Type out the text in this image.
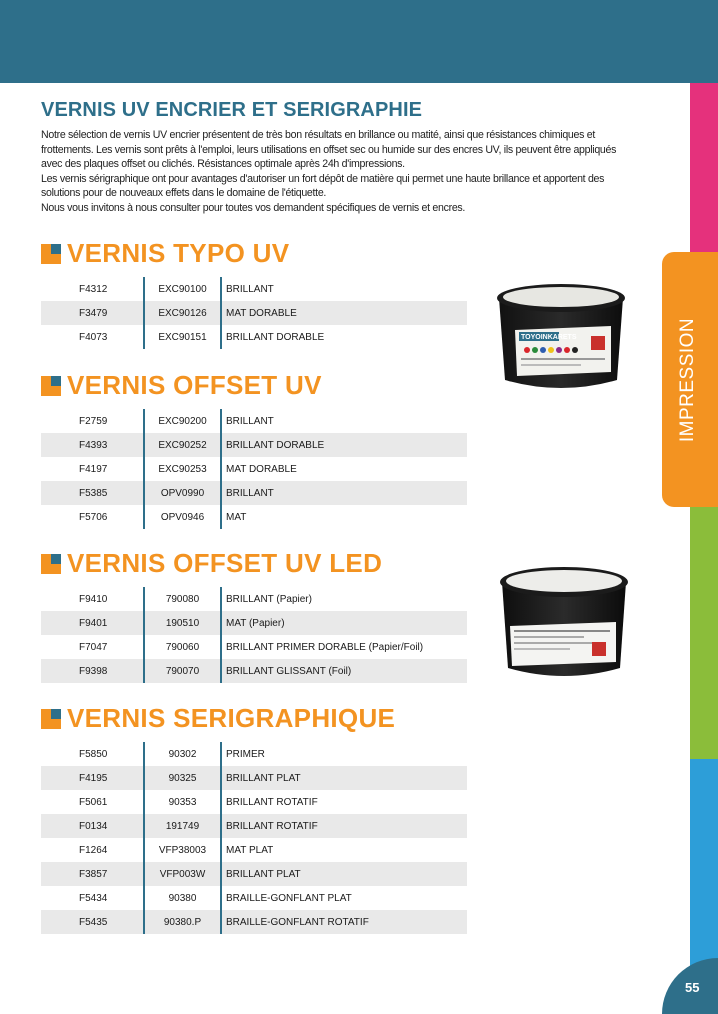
IMPRESSION
55
VERNIS UV ENCRIER ET SERIGRAPHIE

Notre sélection de vernis UV encrier présentent de très bon résultats en brillance ou matité, ainsi que résistances chimiques et

frottements. Les vernis sont prêts à l'emploi, leurs utilisations en offset sec ou humide sur des encres UV, ils peuvent être appliqués

avec des plaques offset ou clichés. Résistances optimale après 24h d'impressions.

Les vernis sérigraphique ont pour avantages d'autoriser un fort dépôt de matière qui permet une haute brillance et apportent des

solutions pour de nouveaux effets dans le domaine de l'étiquette.

Nous vous invitons à nous consulter pour toutes vos demandent spécifiques de vernis et encres.

VERNIS TYPO UV
F4312	EXC90100	BRILLANT
F3479	EXC90126	MAT DORABLE
F4073	EXC90151	BRILLANT DORABLE
VERNIS OFFSET UV
F2759	EXC90200	BRILLANT
F4393	EXC90252	BRILLANT DORABLE
F4197	EXC90253	MAT DORABLE
F5385	OPV0990	BRILLANT
F5706	OPV0946	MAT
VERNIS OFFSET UV LED
F9410	790080	BRILLANT (Papier)
F9401	190510	MAT (Papier)
F7047	790060	BRILLANT PRIMER DORABLE (Papier/Foil)
F9398	790070	BRILLANT GLISSANT (Foil)
VERNIS SERIGRAPHIQUE
F5850	90302	PRIMER
F4195	90325	BRILLANT PLAT
F5061	90353	BRILLANT ROTATIF
F0134	191749	BRILLANT ROTATIF
F1264	VFP38003	MAT PLAT
F3857	VFP003W	BRILLANT PLAT
F5434	90380	BRAILLE-GONFLANT PLAT
F5435	90380.P	BRAILLE-GONFLANT ROTATIF
TOYOINKARETS
